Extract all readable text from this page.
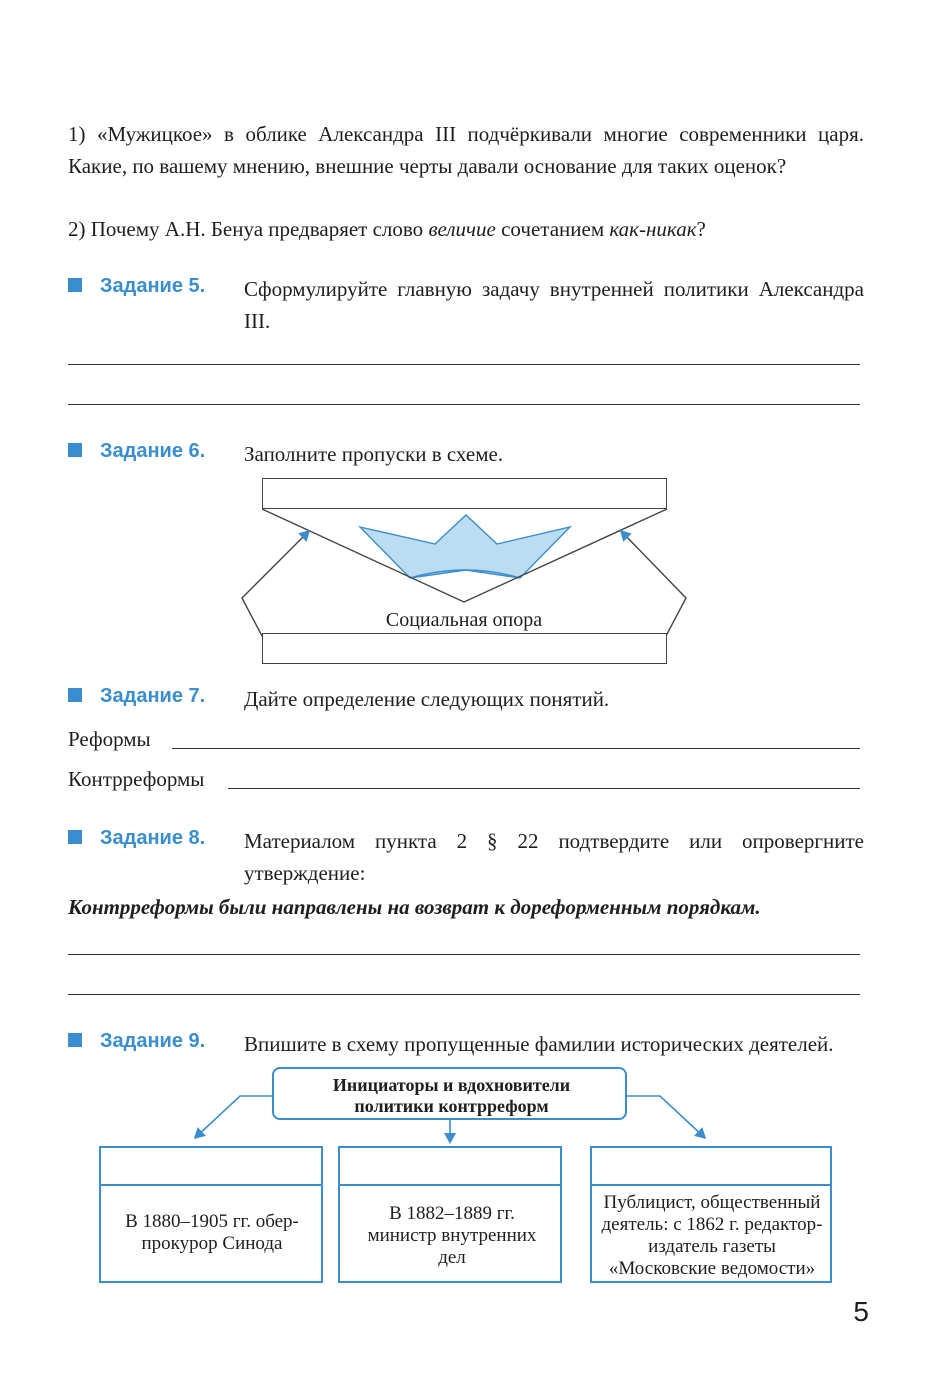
1) «Мужицкое» в облике Александра III подчёркивали многие современники царя. Какие, по вашему мнению, внешние черты давали основание для таких оценок?
2) Почему А.Н. Бенуа предваряет слово величие сочетанием как-никак?
Задание 5. Сформулируйте главную задачу внутренней политики Александра III.
Задание 6. Заполните пропуски в схеме.
Социальная опора
Задание 7. Дайте определение следующих понятий.
Реформы
Контрреформы
Задание 8. Материалом пункта 2 § 22 подтвердите или опровергните утверждение:
Контрреформы были направлены на возврат к дореформенным порядкам.
Задание 9. Впишите в схему пропущенные фамилии исторических деятелей.
Инициаторы и вдохновители политики контрреформ
В 1880–1905 гг. обер-прокурор Синода
В 1882–1889 гг. министр внутренних дел
Публицист, общественный деятель: с 1862 г. редактор-издатель газеты «Московские ведомости»
5
